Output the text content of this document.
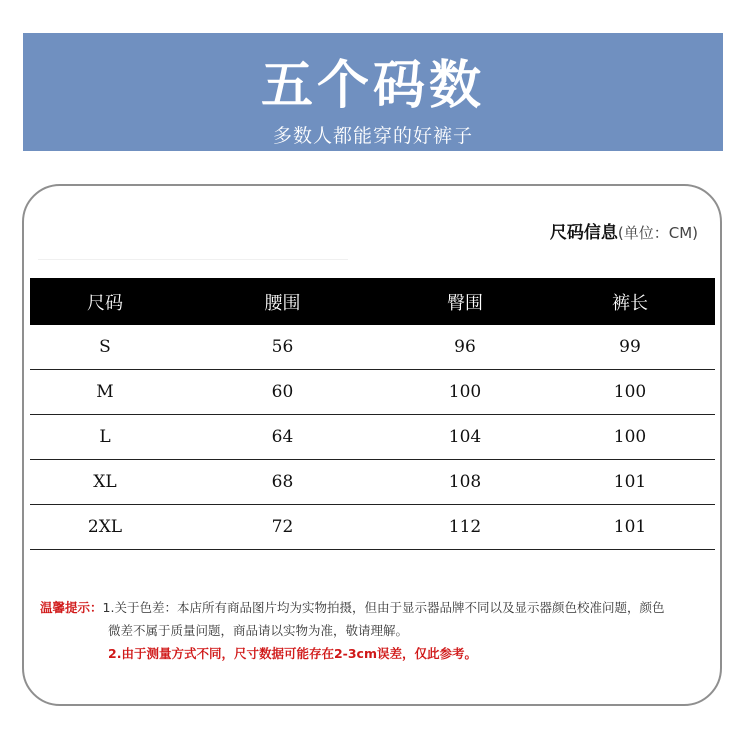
五个码数
多数人都能穿的好裤子
尺码信息(单位：CM)
尺码	腰围	臀围	裤长
S	56	96	99
M	60	100	100
L	64	104	100
XL	68	108	101
2XL	72	112	101
温馨提示：1.关于色差：本店所有商品图片均为实物拍摄，但由于显示器品牌不同以及显示器颜色校准问题，颜色
微差不属于质量问题，商品请以实物为准，敬请理解。
2.由于测量方式不同，尺寸数据可能存在2-3cm误差，仅此参考。
